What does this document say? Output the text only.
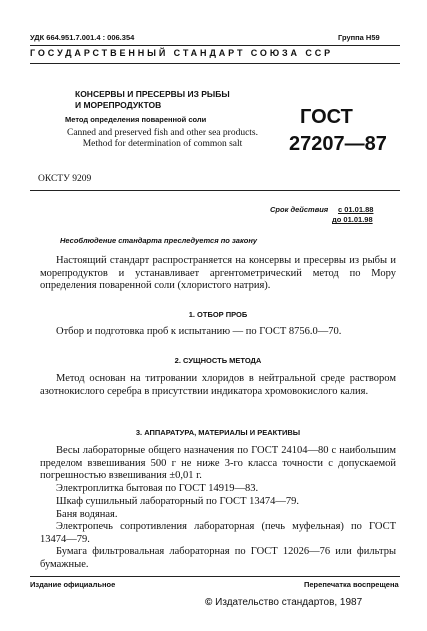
УДК 664.951.7.001.4 : 006.354	Группа Н59
ГОСУДАРСТВЕННЫЙ СТАНДАРТ СОЮЗА ССР
КОНСЕРВЫ И ПРЕСЕРВЫ ИЗ РЫБЫ
И МОРЕПРОДУКТОВ
Метод определения поваренной соли
Canned and preserved fish and other sea products.
Method for determination of common salt
ГОСТ
27207—87
ОКСТУ 9209
Срок действия с 01.01.88
до 01.01.98
Несоблюдение стандарта преследуется по закону
Настоящий стандарт распространяется на консервы и пресервы из рыбы и морепродуктов и устанавливает аргентометрический метод по Мору определения поваренной соли (хлористого натрия).
1. ОТБОР ПРОБ
Отбор и подготовка проб к испытанию — по ГОСТ 8756.0—70.
2. СУЩНОСТЬ МЕТОДА
Метод основан на титровании хлоридов в нейтральной среде раствором азотнокислого серебра в присутствии индикатора хромовокислого калия.
3. АППАРАТУРА, МАТЕРИАЛЫ И РЕАКТИВЫ
Весы лабораторные общего назначения по ГОСТ 24104—80 с наибольшим пределом взвешивания 500 г не ниже 3-го класса точности с допускаемой погрешностью взвешивания ±0,01 г.
Электроплитка бытовая по ГОСТ 14919—83.
Шкаф сушильный лабораторный по ГОСТ 13474—79.
Баня водяная.
Электропечь сопротивления лабораторная (печь муфельная) по ГОСТ 13474—79.
Бумага фильтровальная лабораторная по ГОСТ 12026—76 или фильтры бумажные.
Издание официальное	Перепечатка воспрещена
© Издательство стандартов, 1987
